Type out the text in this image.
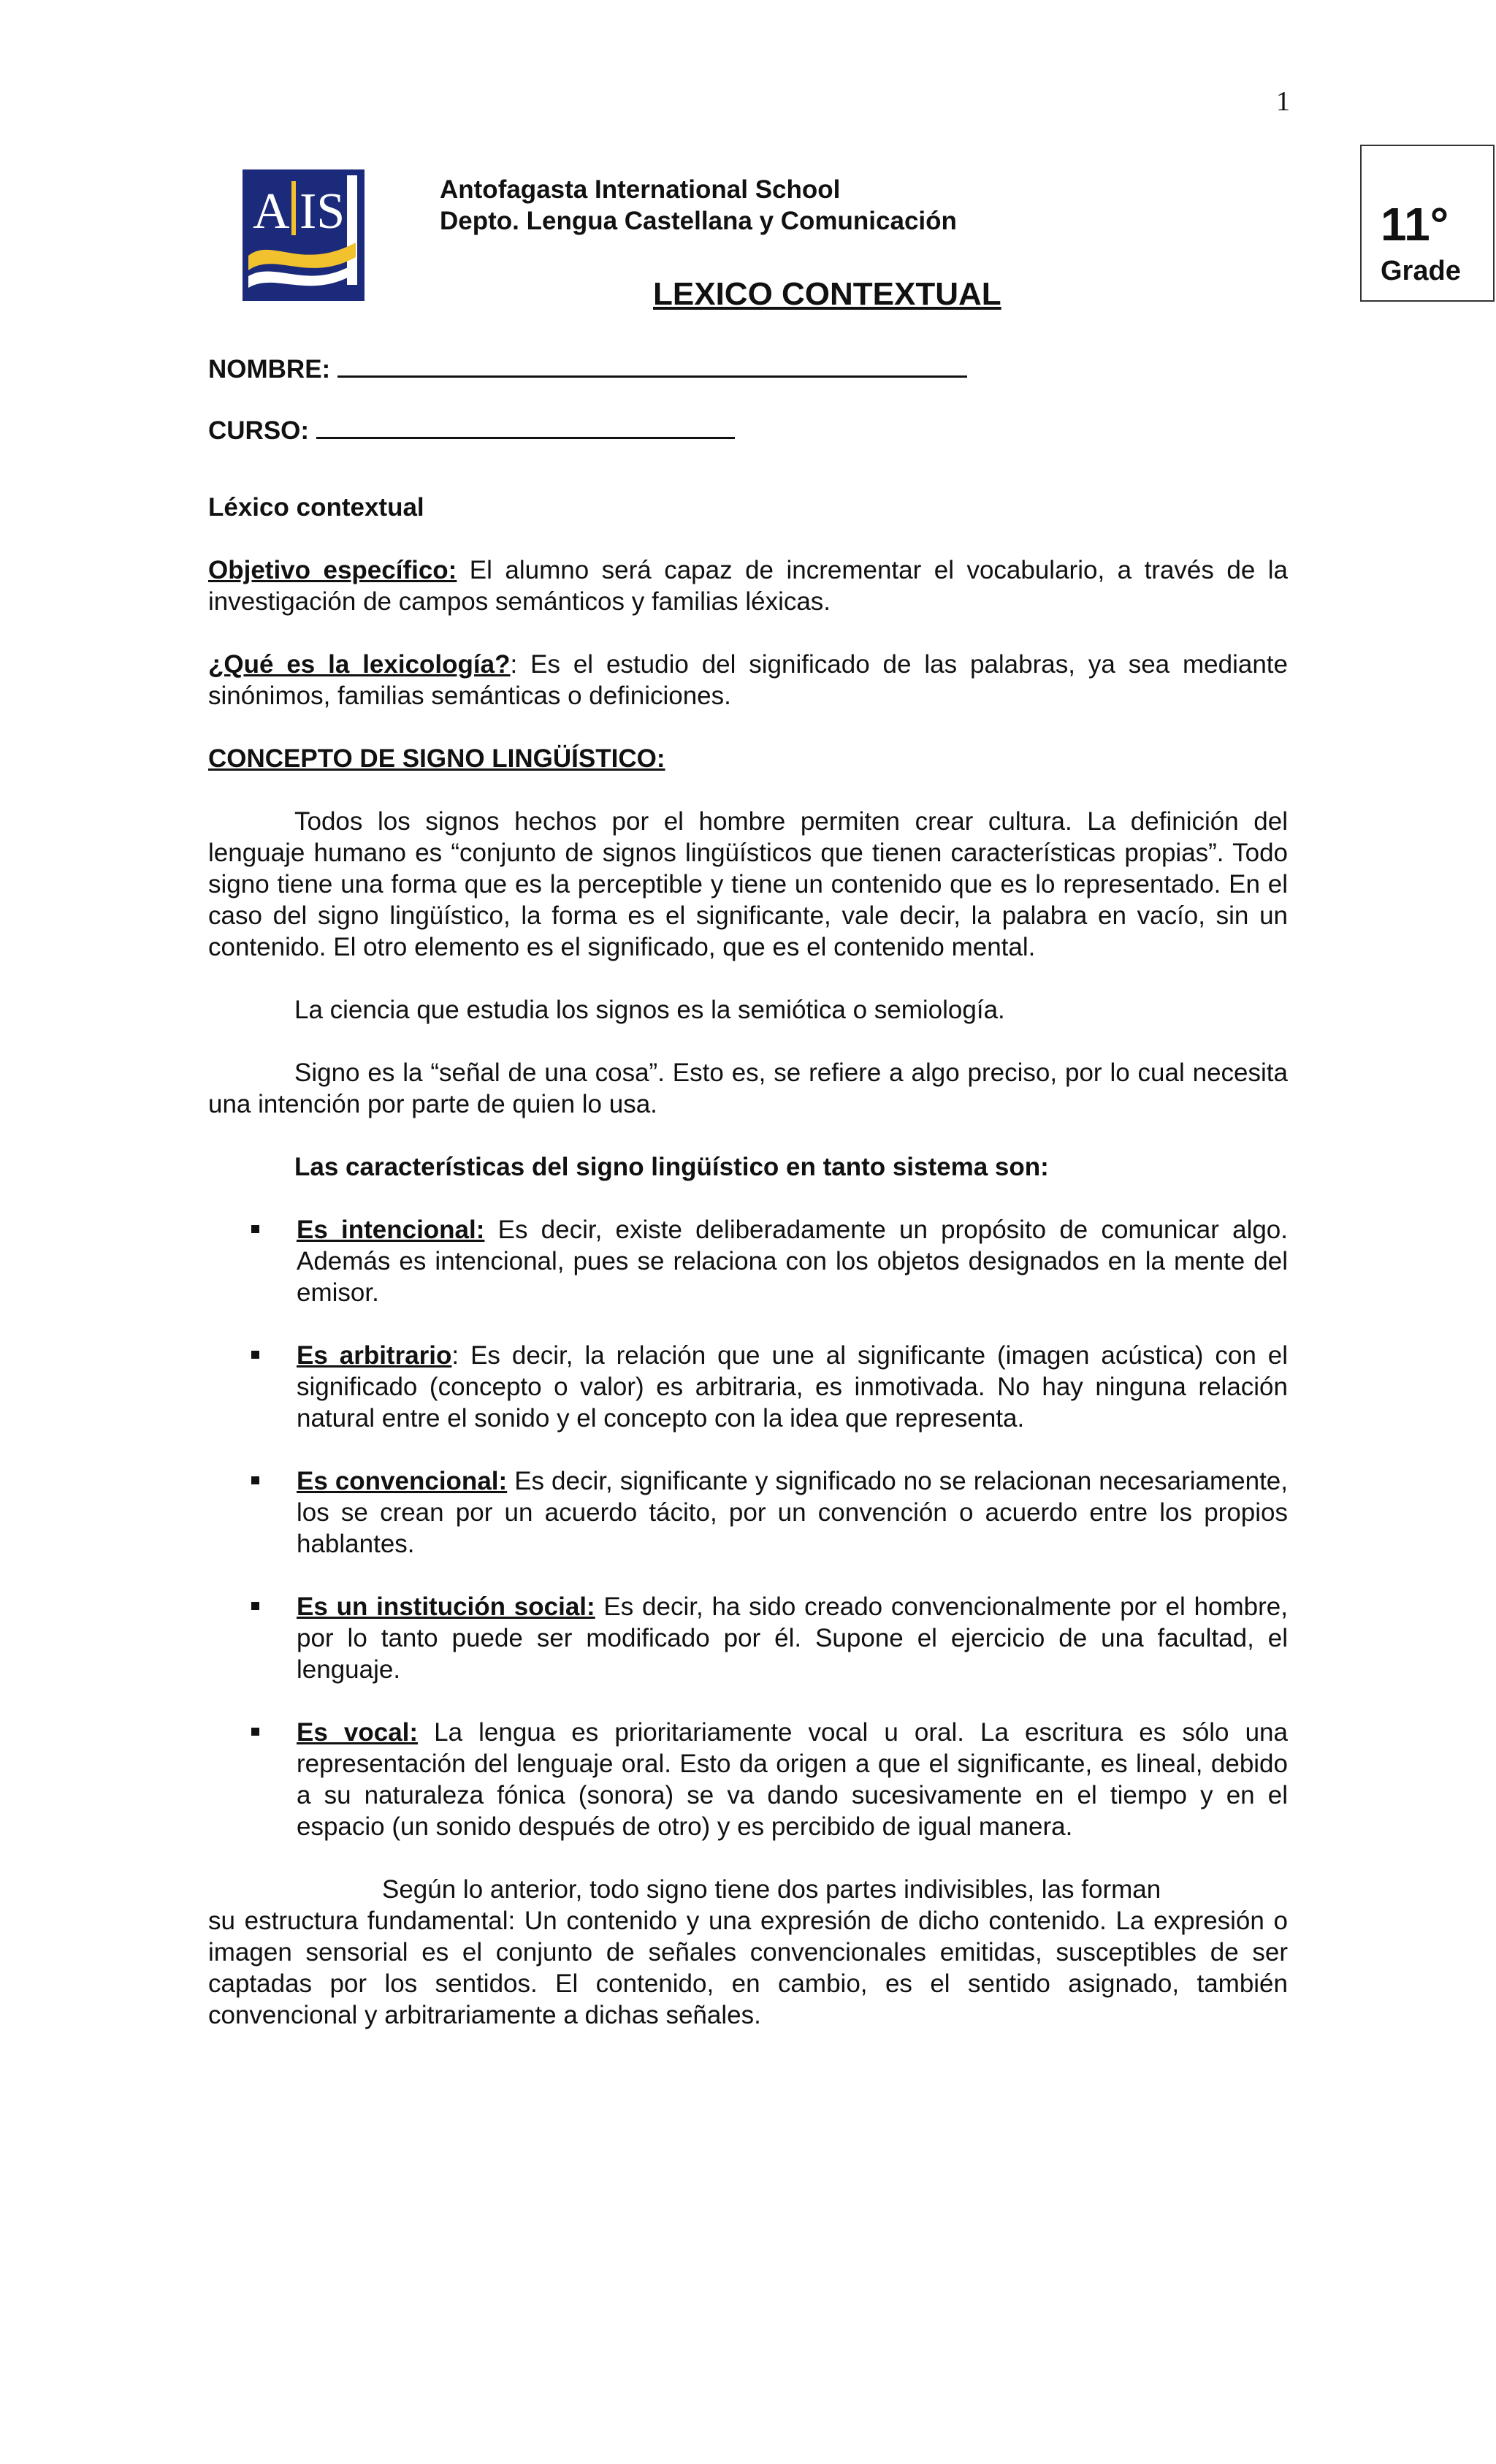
1
11°
Grade
A IS	Antofagasta International School
Depto. Lengua Castellana y Comunicación
LEXICO CONTEXTUAL
NOMBRE:
CURSO:

Léxico contextual

Objetivo específico: El alumno será capaz de incrementar el vocabulario, a través de la investigación de campos semánticos y familias léxicas.

¿Qué es la lexicología?: Es el estudio del significado de las palabras, ya sea mediante sinónimos, familias semánticas o definiciones.

CONCEPTO DE SIGNO LINGÜÍSTICO:

Todos los signos hechos por el hombre permiten crear cultura. La definición del lenguaje humano es “conjunto de signos lingüísticos que tienen características propias”. Todo signo tiene una forma que es la perceptible y tiene un contenido que es lo representado. En el caso del signo lingüístico, la forma es el significante, vale decir, la palabra en vacío, sin un contenido. El otro elemento es el significado, que es el contenido mental.

La ciencia que estudia los signos es la semiótica o semiología.

Signo es la “señal de una cosa”. Esto es, se refiere a algo preciso, por lo cual necesita una intención por parte de quien lo usa.

Las características del signo lingüístico en tanto sistema son:

Es intencional: Es decir, existe deliberadamente un propósito de comunicar algo. Además es intencional, pues se relaciona con los objetos designados en la mente del emisor.
Es arbitrario: Es decir, la relación que une al significante (imagen acústica) con el significado (concepto o valor) es arbitraria, es inmotivada. No hay ninguna relación natural entre el sonido y el concepto con la idea que representa.
Es convencional: Es decir, significante y significado no se relacionan necesariamente, los se crean por un acuerdo tácito, por un convención o acuerdo entre los propios hablantes.
Es un institución social: Es decir, ha sido creado convencionalmente por el hombre, por lo tanto puede ser modificado por él. Supone el ejercicio de una facultad, el lenguaje.
Es vocal: La lengua es prioritariamente vocal u oral. La escritura es sólo una representación del lenguaje oral. Esto da origen a que el significante, es lineal, debido a su naturaleza fónica (sonora) se va dando sucesivamente en el tiempo y en el espacio (un sonido después de otro) y es percibido de igual manera.

Según lo anterior, todo signo tiene dos partes indivisibles, las forman

su estructura fundamental: Un contenido y una expresión de dicho contenido. La expresión o imagen sensorial es el conjunto de señales convencionales emitidas, susceptibles de ser captadas por los sentidos. El contenido, en cambio, es el sentido asignado, también convencional y arbitrariamente a dichas señales.
